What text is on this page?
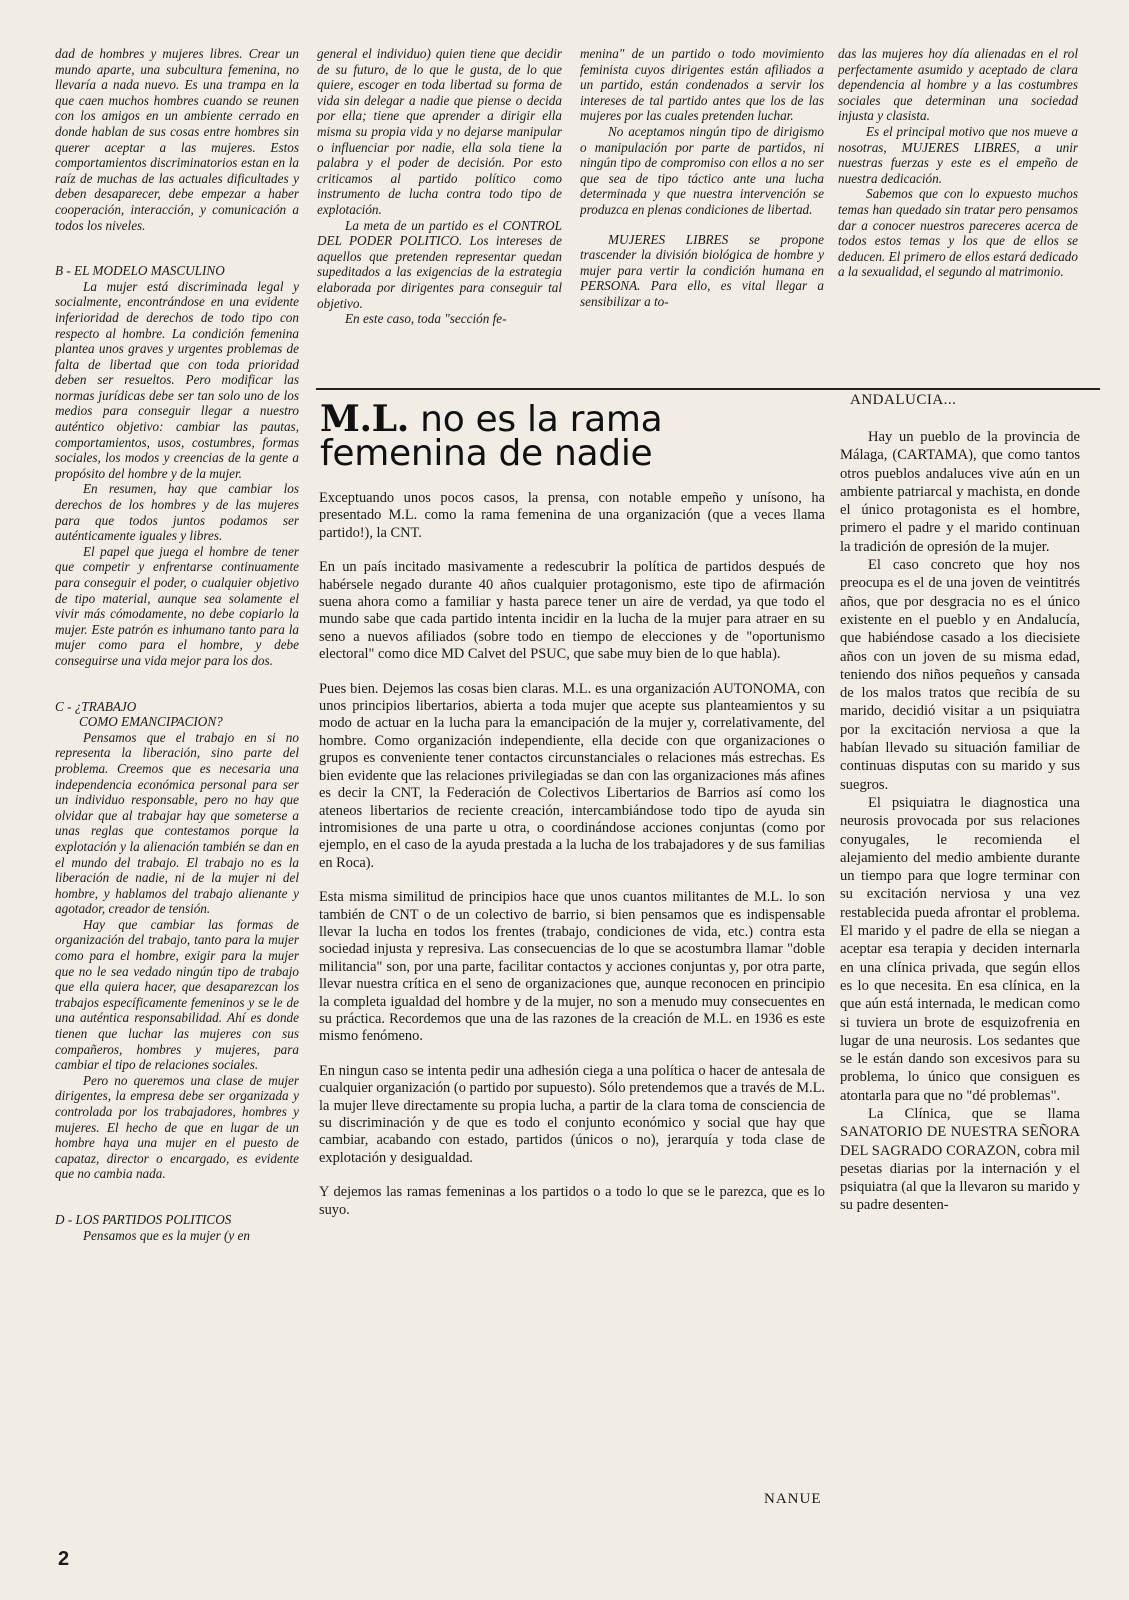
dad de hombres y mujeres libres. Crear un mundo aparte, una subcultura femenina, no llevaría a nada nuevo. Es una trampa en la que caen muchos hombres cuando se reunen con los amigos en un ambiente cerrado en donde hablan de sus cosas entre hombres sin querer aceptar a las mujeres. Estos comportamientos discriminatorios estan en la raíz de muchas de las actuales dificultades y deben desaparecer, debe empezar a haber cooperación, interacción, y comunicación a todos los niveles.

B - EL MODELO MASCULINO

La mujer está discriminada legal y socialmente, encontrándose en una evidente inferioridad de derechos de todo tipo con respecto al hombre. La condición femenina plantea unos graves y urgentes problemas de falta de libertad que con toda prioridad deben ser resueltos. Pero modificar las normas jurídicas debe ser tan solo uno de los medios para conseguir llegar a nuestro auténtico objetivo: cambiar las pautas, comportamientos, usos, costumbres, formas sociales, los modos y creencias de la gente a propósito del hombre y de la mujer.

En resumen, hay que cambiar los derechos de los hombres y de las mujeres para que todos juntos podamos ser auténticamente iguales y libres.

El papel que juega el hombre de tener que competir y enfrentarse continuamente para conseguir el poder, o cualquier objetivo de tipo material, aunque sea solamente el vivir más cómodamente, no debe copiarlo la mujer. Este patrón es inhumano tanto para la mujer como para el hombre, y debe conseguirse una vida mejor para los dos.

C - ¿TRABAJO
COMO EMANCIPACION?

Pensamos que el trabajo en si no representa la liberación, sino parte del problema. Creemos que es necesaria una independencia económica personal para ser un individuo responsable, pero no hay que olvidar que al trabajar hay que someterse a unas reglas que contestamos porque la explotación y la alienación también se dan en el mundo del trabajo. El trabajo no es la liberación de nadie, ni de la mujer ni del hombre, y hablamos del trabajo alienante y agotador, creador de tensión.

Hay que cambiar las formas de organización del trabajo, tanto para la mujer como para el hombre, exigir para la mujer que no le sea vedado ningún tipo de trabajo que ella quiera hacer, que desaparezcan los trabajos específicamente femeninos y se le de una auténtica responsabilidad. Ahí es donde tienen que luchar las mujeres con sus compañeros, hombres y mujeres, para cambiar el tipo de relaciones sociales.

Pero no queremos una clase de mujer dirigentes, la empresa debe ser organizada y controlada por los trabajadores, hombres y mujeres. El hecho de que en lugar de un hombre haya una mujer en el puesto de capataz, director o encargado, es evidente que no cambia nada.

D - LOS PARTIDOS POLITICOS

Pensamos que es la mujer (y en

general el individuo) quien tiene que decidir de su futuro, de lo que le gusta, de lo que quiere, escoger en toda libertad su forma de vida sin delegar a nadie que piense o decida por ella; tiene que aprender a dirigir ella misma su propia vida y no dejarse manipular o influenciar por nadie, ella sola tiene la palabra y el poder de decisión. Por esto criticamos al partido político como instrumento de lucha contra todo tipo de explotación.

La meta de un partido es el CONTROL DEL PODER POLITICO. Los intereses de aquellos que pretenden representar quedan supeditados a las exigencias de la estrategia elaborada por dirigentes para conseguir tal objetivo.

En este caso, toda "sección fe-

menina" de un partido o todo movimiento feminista cuyos dirigentes están afiliados a un partido, están condenados a servir los intereses de tal partido antes que los de las mujeres por las cuales pretenden luchar.

No aceptamos ningún tipo de dirigismo o manipulación por parte de partidos, ni ningún tipo de compromiso con ellos a no ser que sea de tipo táctico ante una lucha determinada y que nuestra intervención se produzca en plenas condiciones de libertad.

MUJERES LIBRES se propone trascender la división biológica de hombre y mujer para vertir la condición humana en PERSONA. Para ello, es vital llegar a sensibilizar a to-

das las mujeres hoy día alienadas en el rol perfectamente asumido y aceptado de clara dependencia al hombre y a las costumbres sociales que determinan una sociedad injusta y clasista.

Es el principal motivo que nos mueve a nosotras, MUJERES LIBRES, a unir nuestras fuerzas y este es el empeño de nuestra dedicación.

Sabemos que con lo expuesto muchos temas han quedado sin tratar pero pensamos dar a conocer nuestros pareceres acerca de todos estos temas y los que de ellos se deducen. El primero de ellos estará dedicado a la sexualidad, el segundo al matrimonio.

M.L. no es la rama
femenina de nadie

Exceptuando unos pocos casos, la prensa, con notable empeño y unísono, ha presentado M.L. como la rama femenina de una organización (que a veces llama partido!), la CNT.

En un país incitado masivamente a redescubrir la política de partidos después de habérsele negado durante 40 años cualquier protagonismo, este tipo de afirmación suena ahora como a familiar y hasta parece tener un aire de verdad, ya que todo el mundo sabe que cada partido intenta incidir en la lucha de la mujer para atraer en su seno a nuevos afiliados (sobre todo en tiempo de elecciones y de "oportunismo electoral" como dice MD Calvet del PSUC, que sabe muy bien de lo que habla).

Pues bien. Dejemos las cosas bien claras. M.L. es una organización AUTONOMA, con unos principios libertarios, abierta a toda mujer que acepte sus planteamientos y su modo de actuar en la lucha para la emancipación de la mujer y, correlativamente, del hombre. Como organización independiente, ella decide con que organizaciones o grupos es conveniente tener contactos circunstanciales o relaciones más estrechas. Es bien evidente que las relaciones privilegiadas se dan con las organizaciones más afines es decir la CNT, la Federación de Colectivos Libertarios de Barrios así como los ateneos libertarios de reciente creación, intercambiándose todo tipo de ayuda sin intromisiones de una parte u otra, o coordinándose acciones conjuntas (como por ejemplo, en el caso de la ayuda prestada a la lucha de los trabajadores y de sus familias en Roca).

Esta misma similitud de principios hace que unos cuantos militantes de M.L. lo son también de CNT o de un colectivo de barrio, si bien pensamos que es indispensable llevar la lucha en todos los frentes (trabajo, condiciones de vida, etc.) contra esta sociedad injusta y represiva. Las consecuencias de lo que se acostumbra llamar "doble militancia" son, por una parte, facilitar contactos y acciones conjuntas y, por otra parte, llevar nuestra crítica en el seno de organizaciones que, aunque reconocen en principio la completa igualdad del hombre y de la mujer, no son a menudo muy consecuentes en su práctica. Recordemos que una de las razones de la creación de M.L. en 1936 es este mismo fenómeno.

En ningun caso se intenta pedir una adhesión ciega a una política o hacer de antesala de cualquier organización (o partido por supuesto). Sólo pretendemos que a través de M.L. la mujer lleve directamente su propia lucha, a partir de la clara toma de consciencia de su discriminación y de que es todo el conjunto económico y social que hay que cambiar, acabando con estado, partidos (únicos o no), jerarquía y toda clase de explotación y desigualdad.

Y dejemos las ramas femeninas a los partidos o a todo lo que se le parezca, que es lo suyo.

NANUE
ANDALUCIA...

Hay un pueblo de la provincia de Málaga, (CARTAMA), que como tantos otros pueblos andaluces vive aún en un ambiente patriarcal y machista, en donde el único protagonista es el hombre, primero el padre y el marido continuan la tradición de opresión de la mujer.

El caso concreto que hoy nos preocupa es el de una joven de veintitrés años, que por desgracia no es el único existente en el pueblo y en Andalucía, que habiéndose casado a los diecisiete años con un joven de su misma edad, teniendo dos niños pequeños y cansada de los malos tratos que recibía de su marido, decidió visitar a un psiquiatra por la excitación nerviosa a que la habían llevado su situación familiar de continuas disputas con su marido y sus suegros.

El psiquiatra le diagnostica una neurosis provocada por sus relaciones conyugales, le recomienda el alejamiento del medio ambiente durante un tiempo para que logre terminar con su excitación nerviosa y una vez restablecida pueda afrontar el problema. El marido y el padre de ella se niegan a aceptar esa terapia y deciden internarla en una clínica privada, que según ellos es lo que necesita. En esa clínica, en la que aún está internada, le medican como si tuviera un brote de esquizofrenia en lugar de una neurosis. Los sedantes que se le están dando son excesivos para su problema, lo único que consiguen es atontarla para que no "dé problemas".

La Clínica, que se llama SANATORIO DE NUESTRA SEÑORA DEL SAGRADO CORAZON, cobra mil pesetas diarias por la internación y el psiquiatra (al que la llevaron su marido y su padre desenten-

2
